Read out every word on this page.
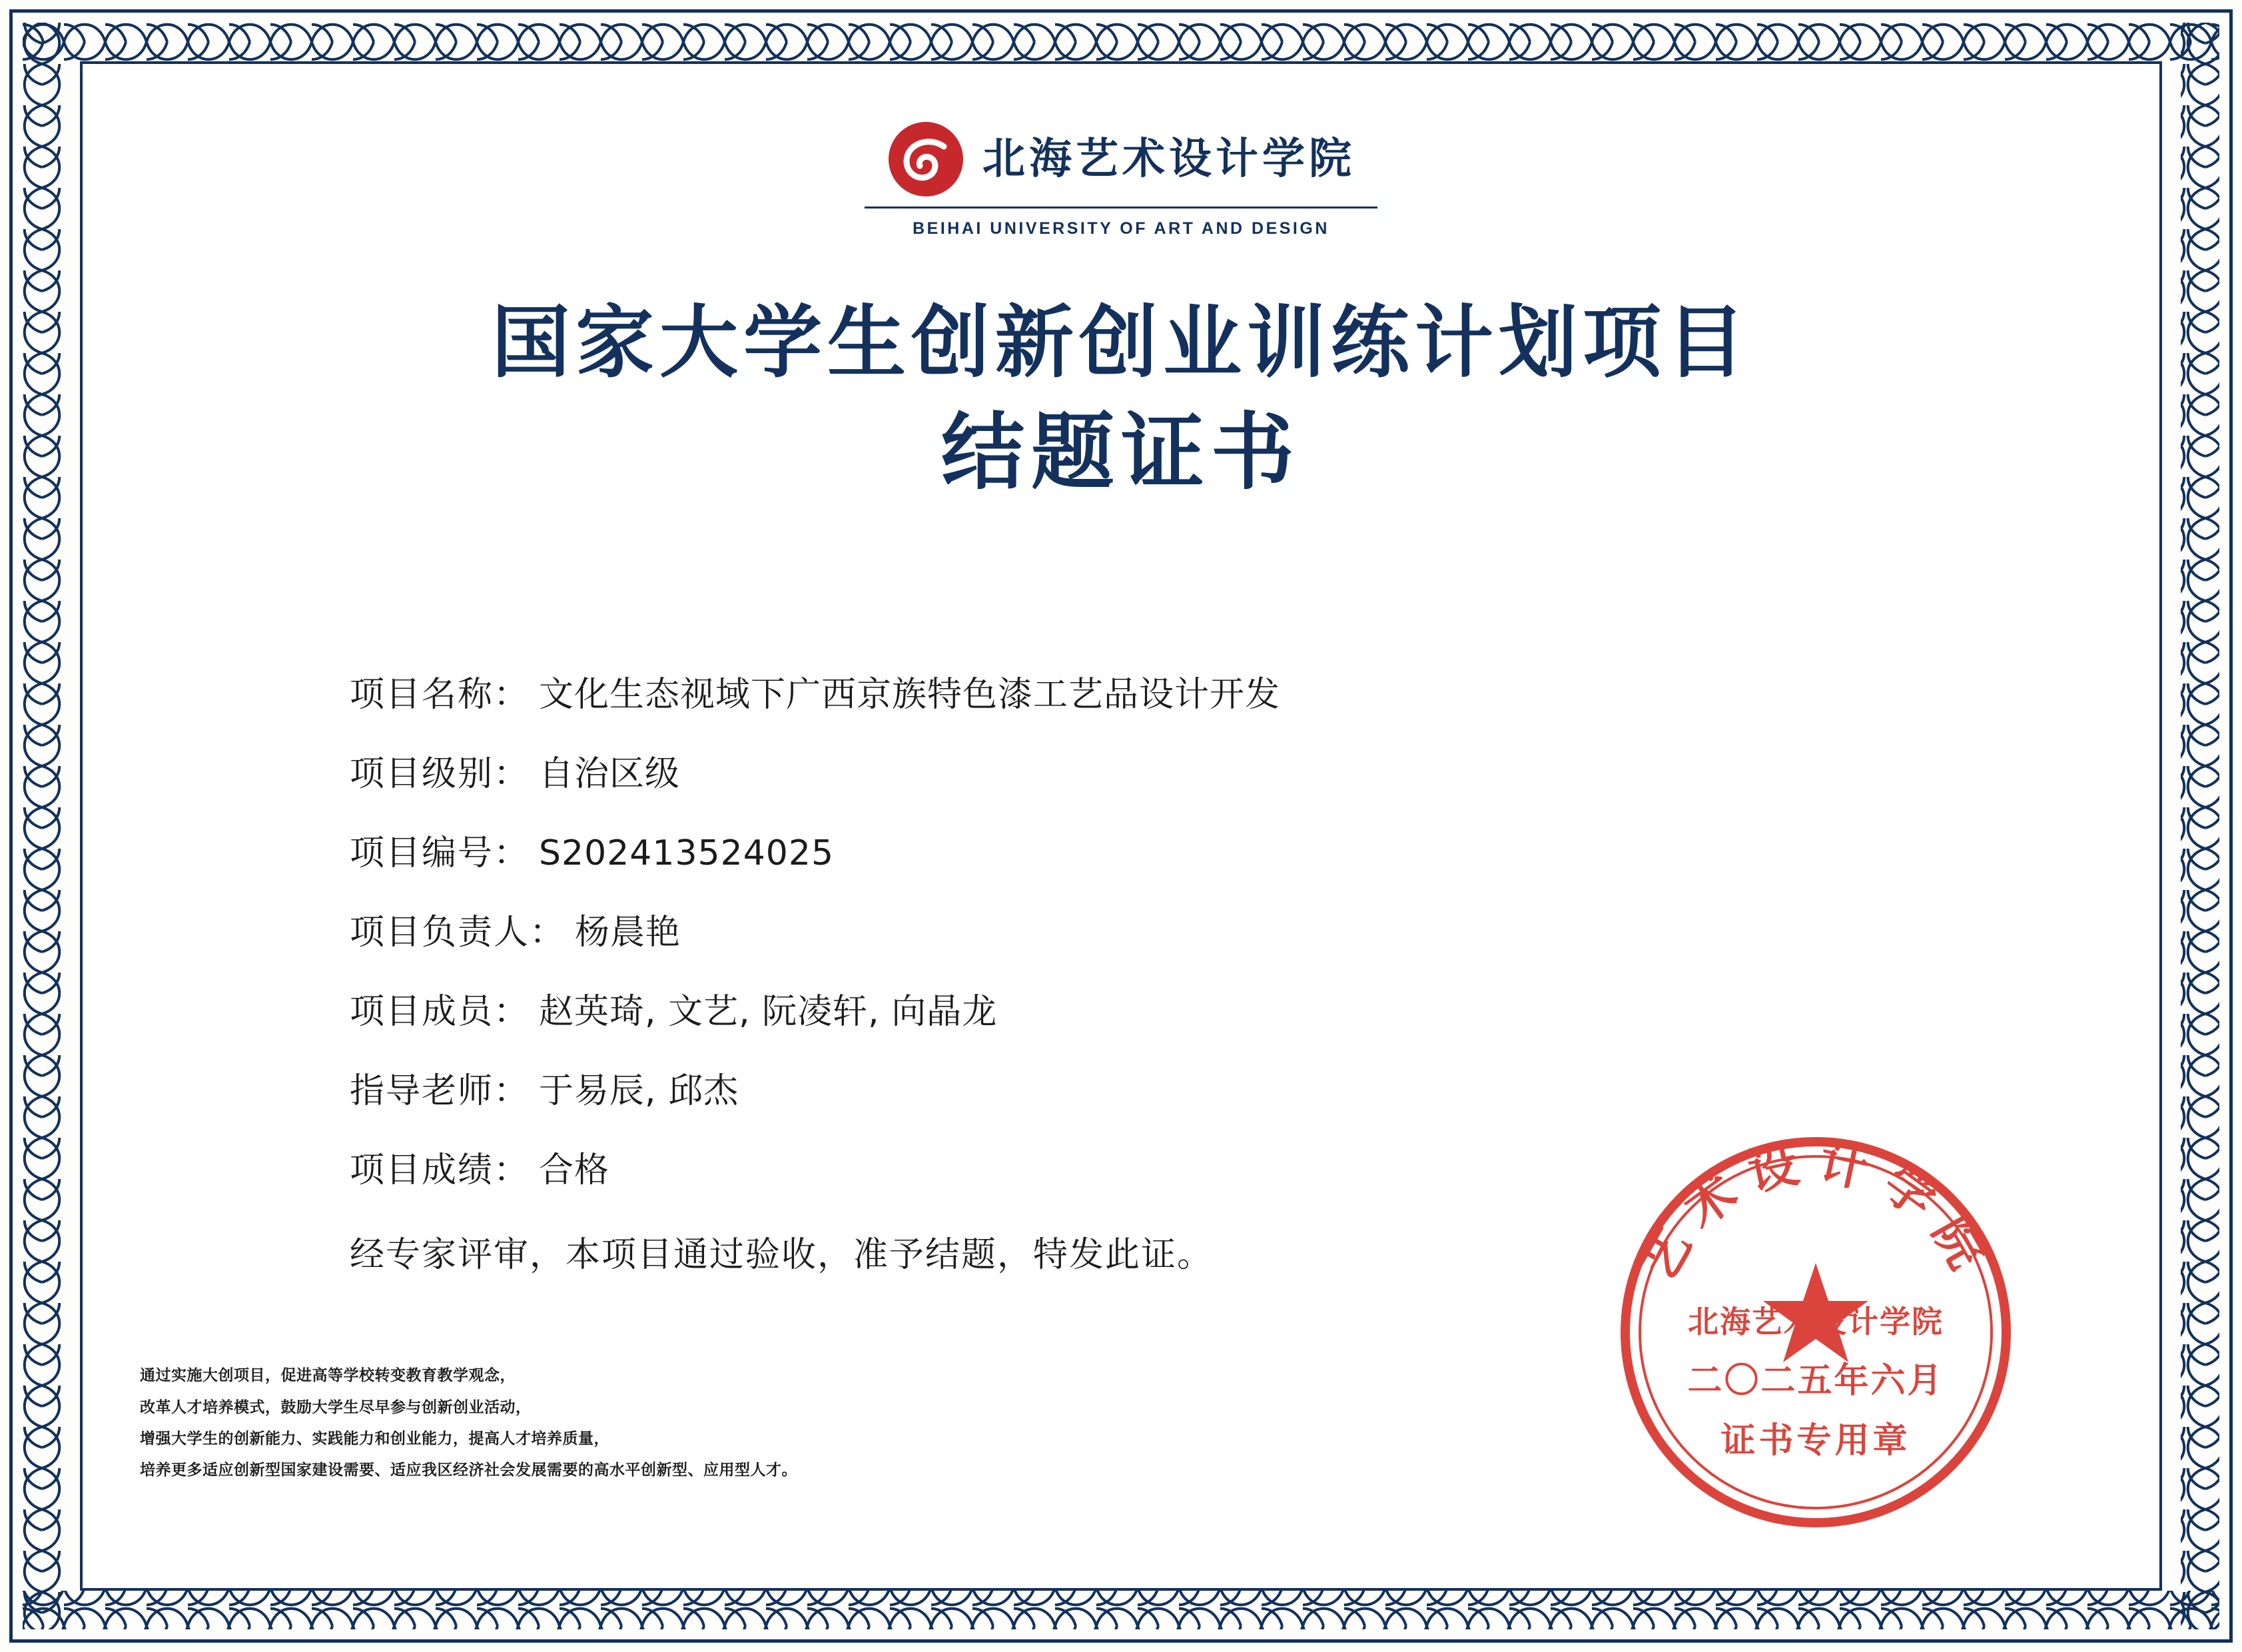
北海艺术设计学院
BEIHAI UNIVERSITY OF ART AND DESIGN
国家大学生创新创业训练计划项目
结题证书
项目名称： 文化生态视域下广西京族特色漆工艺品设计开发
项目级别： 自治区级
项目编号： S202413524025
项目负责人： 杨晨艳
项目成员： 赵英琦, 文艺, 阮凌轩, 向晶龙
指导老师： 于易辰, 邱杰
项目成绩： 合格
经专家评审，本项目通过验收，准予结题，特发此证。
通过实施大创项目，促进高等学校转变教育教学观念，
改革人才培养模式，鼓励大学生尽早参与创新创业活动，
增强大学生的创新能力、实践能力和创业能力，提高人才培养质量，
培养更多适应创新型国家建设需要、适应我区经济社会发展需要的高水平创新型、应用型人才。
艺术设计学院
北海艺术设计学院
二〇二五年六月
证书专用章
